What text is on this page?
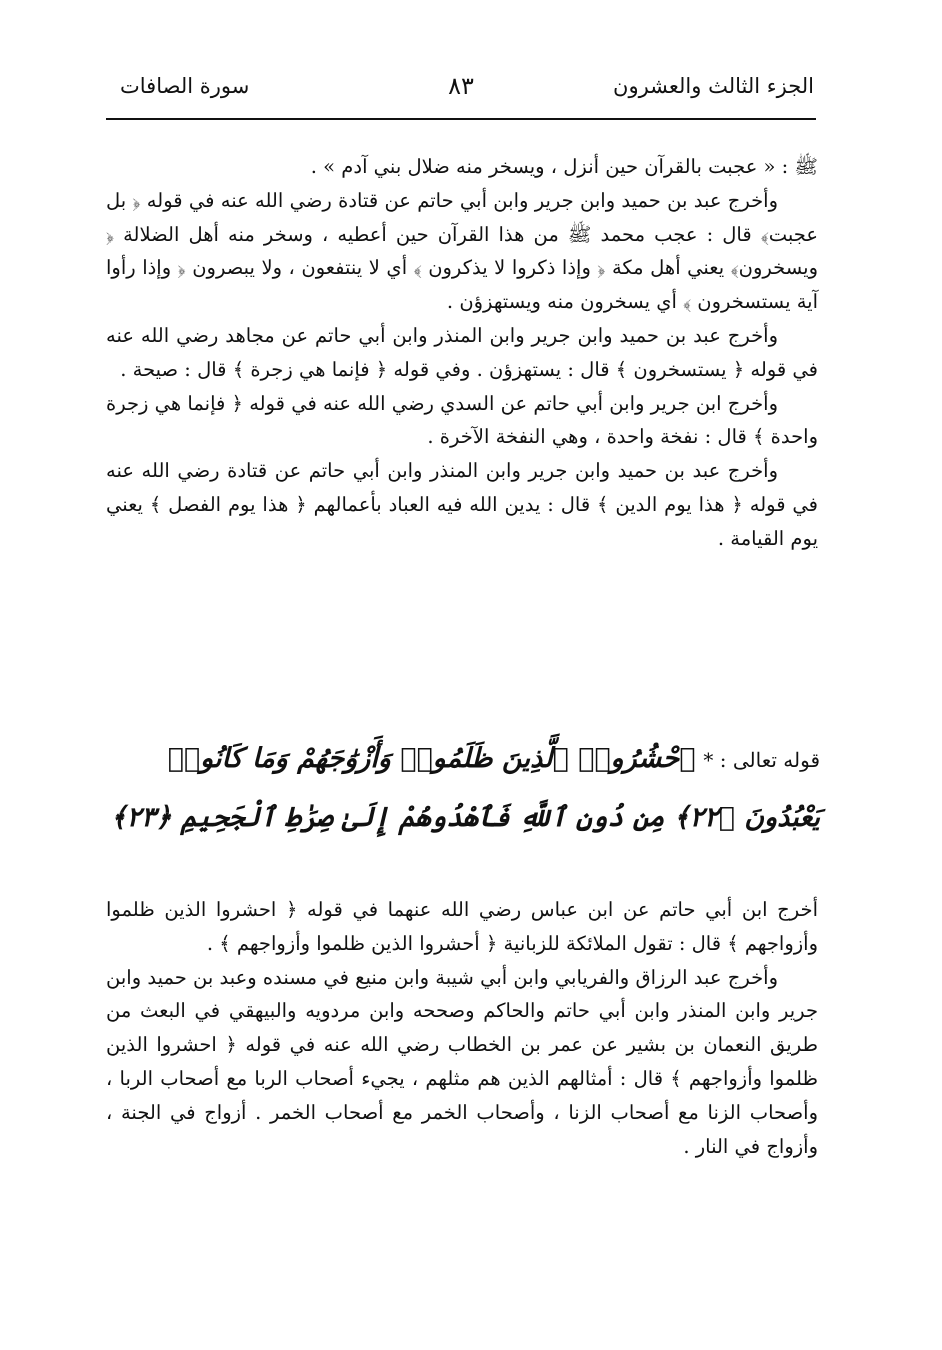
الجزء الثالث والعشرون
٨٣
سورة الصافات

ﷺ : « عجبت بالقرآن حين أنزل ، ويسخر منه ضلال بني آدم » .

وأخرج عبد بن حميد وابن جرير وابن أبي حاتم عن قتادة رضي الله عنه في قوله ﴿ بل عجبت﴾ قال : عجب محمد ﷺ من هذا القرآن حين أعطيه ، وسخر منه أهل الضلالة ﴿ ويسخرون﴾ يعني أهل مكة ﴿ وإذا ذكروا لا يذكرون ﴾ أي لا ينتفعون ، ولا يبصرون ﴿ وإذا رأوا آية يستسخرون ﴾ أي يسخرون منه ويستهزؤن .

وأخرج عبد بن حميد وابن جرير وابن المنذر وابن أبي حاتم عن مجاهد رضي الله عنه في قوله ﴿ يستسخرون ﴾ قال : يستهزؤن . وفي قوله ﴿ فإنما هي زجرة ﴾ قال : صيحة .

وأخرج ابن جرير وابن أبي حاتم عن السدي رضي الله عنه في قوله ﴿ فإنما هي زجرة واحدة ﴾ قال : نفخة واحدة ، وهي النفخة الآخرة .

وأخرج عبد بن حميد وابن جرير وابن المنذر وابن أبي حاتم عن قتادة رضي الله عنه في قوله ﴿ هذا يوم الدين ﴾ قال : يدين الله فيه العباد بأعمالهم ﴿ هذا يوم الفصل ﴾ يعني يوم القيامة .

قوله تعالى : * ٱحْشُرُوا۟ ٱلَّذِينَ ظَلَمُوا۟ وَأَزْوَٰجَهُمْ وَمَا كَانُوا۟ يَعْبُدُونَ ﴿٢٢﴾ مِن دُونِ ٱللَّهِ فَٱهْدُوهُمْ إِلَىٰ صِرَٰطِ ٱلْجَحِيمِ ﴿٢٣﴾

أخرج ابن أبي حاتم عن ابن عباس رضي الله عنهما في قوله ﴿ احشروا الذين ظلموا وأزواجهم ﴾ قال : تقول الملائكة للزبانية ﴿ أحشروا الذين ظلموا وأزواجهم ﴾ .

وأخرج عبد الرزاق والفريابي وابن أبي شيبة وابن منيع في مسنده وعبد بن حميد وابن جرير وابن المنذر وابن أبي حاتم والحاكم وصححه وابن مردويه والبيهقي في البعث من طريق النعمان بن بشير عن عمر بن الخطاب رضي الله عنه في قوله ﴿ احشروا الذين ظلموا وأزواجهم ﴾ قال : أمثالهم الذين هم مثلهم ، يجيء أصحاب الربا مع أصحاب الربا ، وأصحاب الزنا مع أصحاب الزنا ، وأصحاب الخمر مع أصحاب الخمر . أزواج في الجنة ، وأزواج في النار .
